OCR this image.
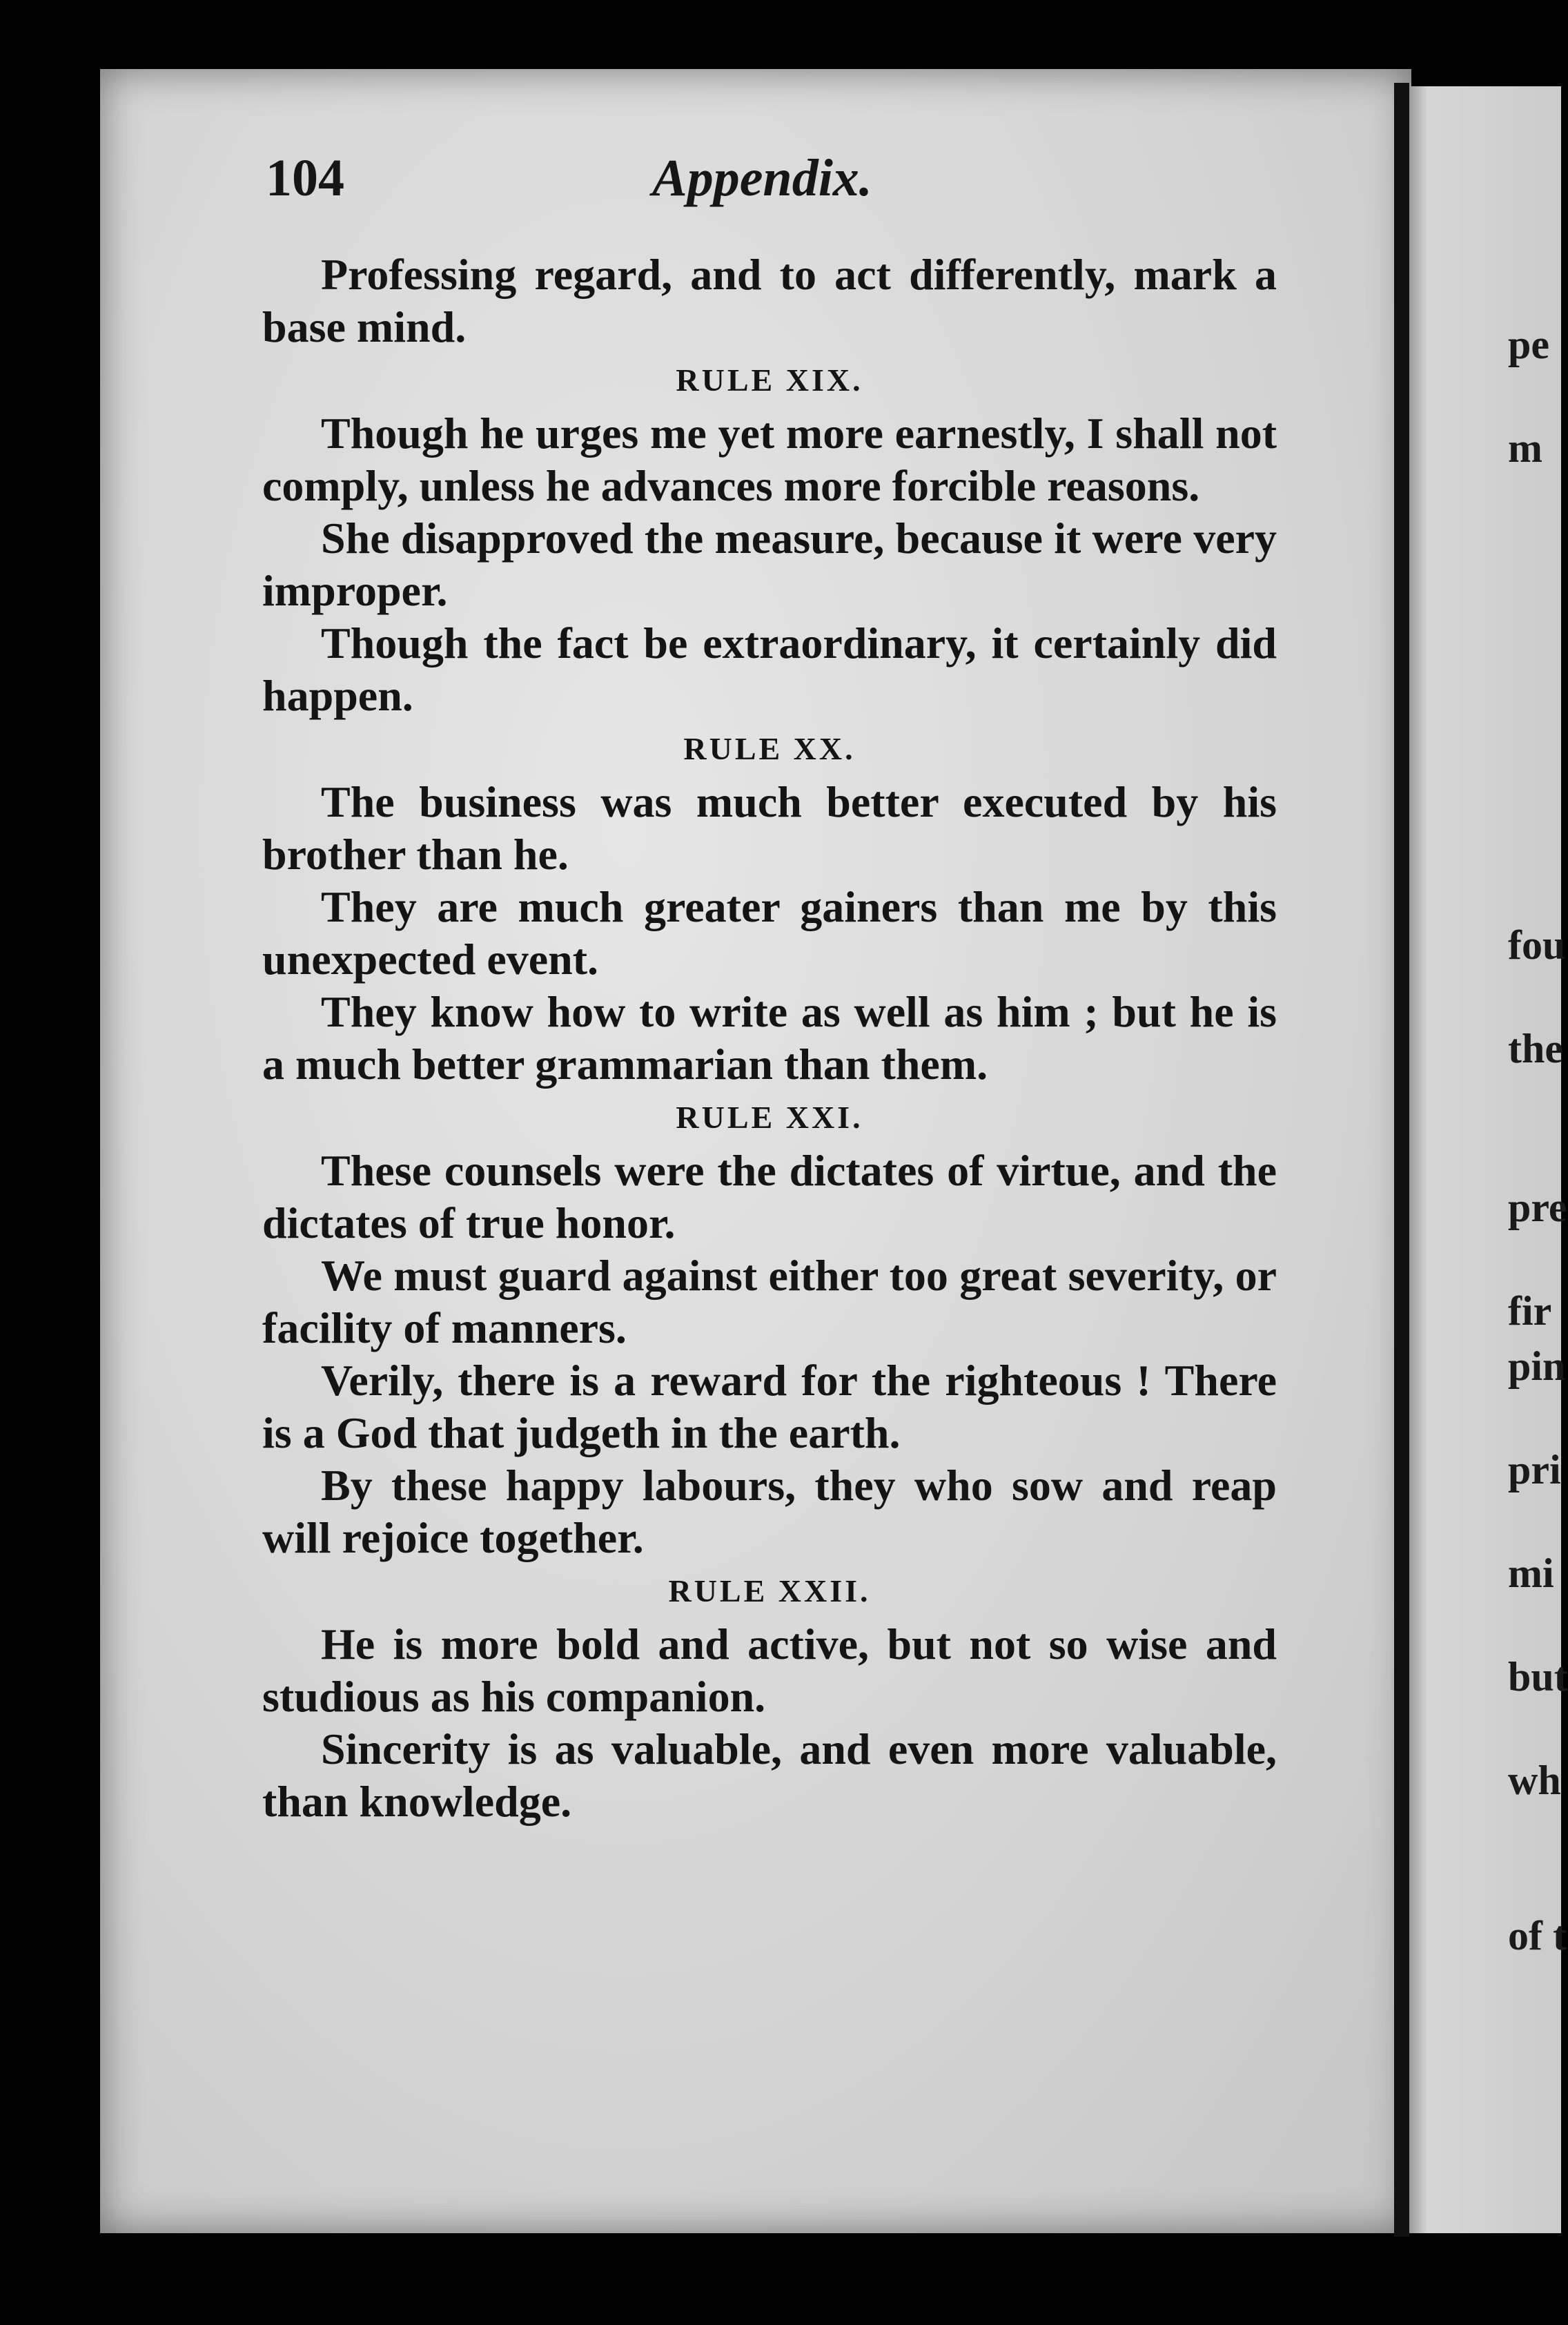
104	Appendix.

Professing regard, and to act differently, mark a base mind.

RULE XIX.

Though he urges me yet more earnestly, I shall not comply, unless he advances more forcible reasons.

She disapproved the measure, because it were very improper.

Though the fact be extraordinary, it certainly did happen.

RULE XX.

The business was much better executed by his brother than he.

They are much greater gainers than me by this unexpected event.

They know how to write as well as him ; but he is a much better grammarian than them.

RULE XXI.

These counsels were the dictates of virtue, and the dictates of true honor.

We must guard against either too great severity, or facility of manners.

Verily, there is a reward for the righteous ! There is a God that judgeth in the earth.

By these happy labours, they who sow and reap will rejoice together.

RULE XXII.

He is more bold and active, but not so wise and studious as his companion.

Sincerity is as valuable, and even more valuable, than knowledge.

pe
m
fou
the
pre
fir
pin
pri
mi
but
wh
of t
